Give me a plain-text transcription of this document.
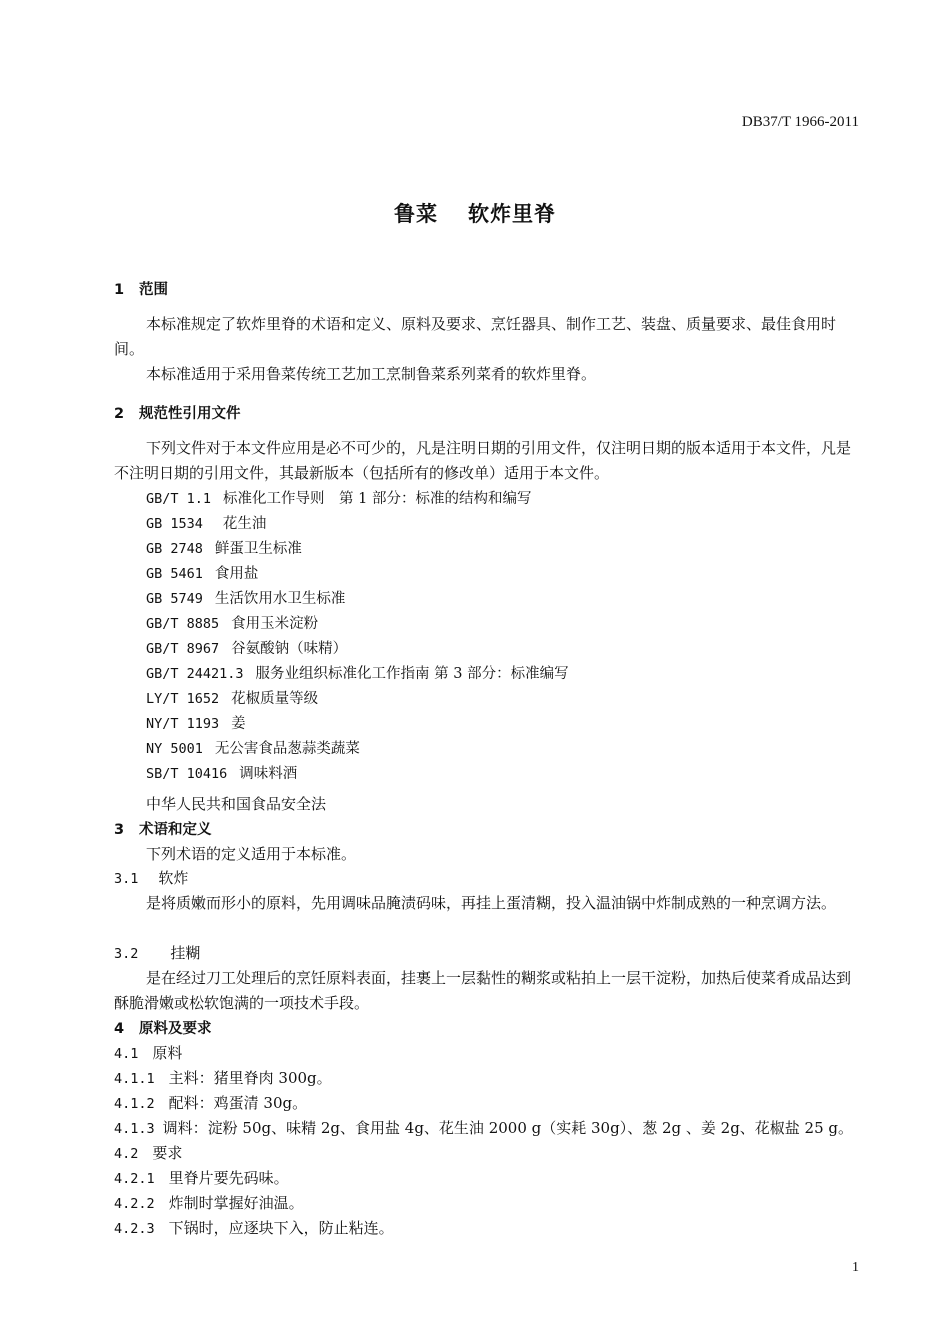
DB37/T 1966-2011
鲁菜 软炸里脊
1 范围
本标准规定了软炸里脊的术语和定义、原料及要求、烹饪器具、制作工艺、装盘、质量要求、最佳食用时间。
本标准适用于采用鲁菜传统工艺加工烹制鲁菜系列菜肴的软炸里脊。
2 规范性引用文件
下列文件对于本文件应用是必不可少的，凡是注明日期的引用文件，仅注明日期的版本适用于本文件，凡是不注明日期的引用文件，其最新版本（包括所有的修改单）适用于本文件。
GB/T 1.1 标准化工作导则　第 1 部分：标准的结构和编写
GB 1534 花生油
GB 2748 鲜蛋卫生标准
GB 5461 食用盐
GB 5749 生活饮用水卫生标准
GB/T 8885 食用玉米淀粉
GB/T 8967 谷氨酸钠（味精）
GB/T 24421.3 服务业组织标准化工作指南 第 3 部分：标准编写
LY/T 1652 花椒质量等级
NY/T 1193 姜
NY 5001 无公害食品葱蒜类蔬菜
SB/T 10416 调味料酒
中华人民共和国食品安全法
3 术语和定义
下列术语的定义适用于本标准。
3.1 软炸
是将质嫩而形小的原料，先用调味品腌渍码味，再挂上蛋清糊，投入温油锅中炸制成熟的一种烹调方法。
3.2 挂糊
是在经过刀工处理后的烹饪原料表面，挂裹上一层黏性的糊浆或粘拍上一层干淀粉，加热后使菜肴成品达到酥脆滑嫩或松软饱满的一项技术手段。
4 原料及要求
4.1 原料
4.1.1 主料：猪里脊肉 300g。
4.1.2 配料：鸡蛋清 30g。
4.1.3 调料：淀粉 50g、味精 2g、食用盐 4g、花生油 2000 g（实耗 30g）、葱 2g 、姜 2g、花椒盐 25 g。
4.2 要求
4.2.1 里脊片要先码味。
4.2.2 炸制时掌握好油温。
4.2.3 下锅时，应逐块下入，防止粘连。
1
